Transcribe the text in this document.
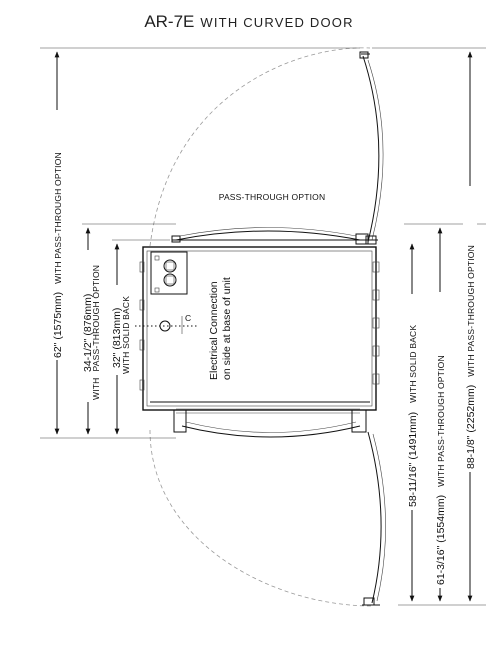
AR-7E WITH CURVED DOOR
C
62" (1575mm)WITH PASS-THROUGH OPTION
34-1/2" (876mm)
WITHPASS-THROUGH OPTION 32" (813mm)
WITH SOLID BACK
58-11/16" (1491mm)WITH SOLID BACK
61-3/16" (1554mm)WITH PASS-THROUGH OPTION 88-1/8" (2252mm)WITH PASS-THROUGH OPTION
PASS-THROUGH OPTION
Electrical Connection on side at base of unit
